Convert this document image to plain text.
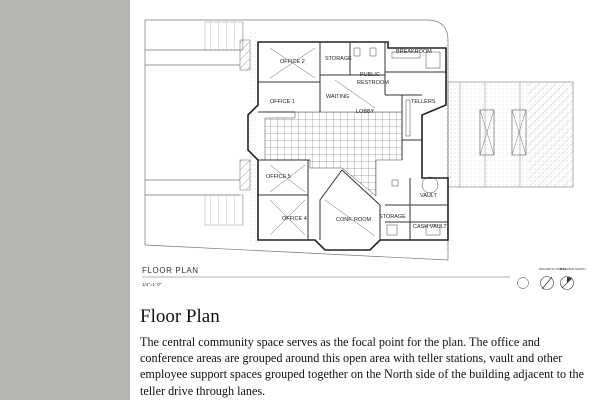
OFFICE 2	STORAGE
PUBLIC
RESTROOM
BREAKROOM
OFFICE 1
WAITING
LOBBY
TELLERS
OFFICE 5
OFFICE 4	CONF. ROOM STORAGE
VAULT
CASH VAULT
FLOOR PLAN
1/4"=1'-0"
MAGNETIC NORTH
BUILDING NORTH
Floor Plan

The central community space serves as the focal point for the plan. The office and conference areas are grouped around this open area with teller stations, vault and other employee support spaces grouped together on the North side of the building adjacent to the teller drive through lanes.
